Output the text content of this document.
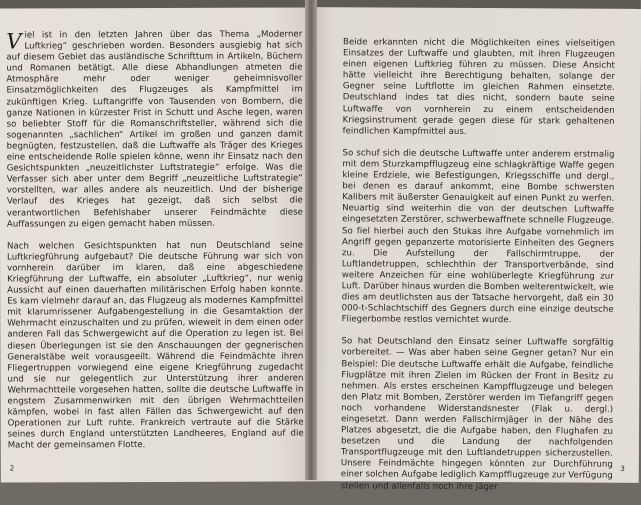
Viel ist in den letzten Jahren über das Thema „Moderner Luftkrieg“ geschrieben worden. Besonders ausgiebig hat sich auf diesem Gebiet das ausländische Schrifttum in Artikeln, Büchern und Romanen betätigt. Alle diese Abhandlungen atmeten die Atmosphäre mehr oder weniger geheimnisvoller Einsatzmöglichkeiten des Flugzeuges als Kampfmittel im zukünftigen Krieg. Luftangriffe von Tausenden von Bombern, die ganze Nationen in kürzester Frist in Schutt und Asche legen, waren so beliebter Stoff für die Romanschriftsteller, während sich die sogenannten „sachlichen“ Artikel im großen und ganzen damit begnügten, festzustellen, daß die Luftwaffe als Träger des Krieges eine entscheidende Rolle spielen könne, wenn ihr Einsatz nach den Gesichtspunkten „neuzeitlichster Luftstrategie“ erfolge. Was die Verfasser sich aber unter dem Begriff „neuzeitliche Luftstrategie“ vorstellten, war alles andere als neuzeitlich. Und der bisherige Verlauf des Krieges hat gezeigt, daß sich selbst die verantwortlichen Befehlshaber unserer Feindmächte diese Auffassungen zu eigen gemacht haben müssen.

Nach welchen Gesichtspunkten hat nun Deutschland seine Luftkriegführung aufgebaut? Die deutsche Führung war sich von vornherein darüber im klaren, daß eine abgeschiedene Kriegführung der Luftwaffe, ein absoluter „Luftkrieg“, nur wenig Aussicht auf einen dauerhaften militärischen Erfolg haben konnte. Es kam vielmehr darauf an, das Flugzeug als modernes Kampfmittel mit klarumrissener Aufgabengestellung in die Gesamtaktion der Wehrmacht einzuschalten und zu prüfen, wieweit in dem einen oder anderen Fall das Schwergewicht auf die Operation zu legen ist. Bei diesen Überlegungen ist sie den Anschauungen der gegnerischen Generalstäbe weit vorausgeeilt. Während die Feindmächte ihren Fliegertruppen vorwiegend eine eigene Kriegführung zugedacht und sie nur gelegentlich zur Unterstützung ihrer anderen Wehrmachtteile vorgesehen hatten, sollte die deutsche Luftwaffe in engstem Zusammenwirken mit den übrigen Wehrmachtteilen kämpfen, wobei in fast allen Fällen das Schwergewicht auf den Operationen zur Luft ruhte. Frankreich vertraute auf die Stärke seines durch England unterstützten Landheeres, England auf die Macht der gemeinsamen Flotte.

2

Beide erkannten nicht die Möglichkeiten eines vielseitigen Einsatzes der Luftwaffe und glaubten, mit ihren Flugzeugen einen eigenen Luftkrieg führen zu müssen. Diese Ansicht hätte vielleicht ihre Berechtigung behalten, solange der Gegner seine Luftflotte im gleichen Rahmen einsetzte. Deutschland indes tat dies nicht, sondern baute seine Luftwaffe von vornherein zu einem entscheidenden Kriegsinstrument gerade gegen diese für stark gehaltenen feindlichen Kampfmittel aus.

So schuf sich die deutsche Luftwaffe unter anderem erstmalig mit dem Sturzkampfflugzeug eine schlagkräftige Waffe gegen kleine Erdziele, wie Befestigungen, Kriegsschiffe und dergl., bei denen es darauf ankommt, eine Bombe schwersten Kalibers mit äußerster Genauigkeit auf einen Punkt zu werfen. Neuartig sind weiterhin die von der deutschen Luftwaffe eingesetzten Zerstörer, schwerbewaffnete schnelle Flugzeuge. So fiel hierbei auch den Stukas ihre Aufgabe vornehmlich im Angriff gegen gepanzerte motorisierte Einheiten des Gegners zu. Die Aufstellung der Fallschirmtruppe, der Luftlandetruppen, schlechthin der Transportverbände, sind weitere Anzeichen für eine wohlüberlegte Kriegführung zur Luft. Darüber hinaus wurden die Bomben weiterentwickelt, wie dies am deutlichsten aus der Tatsache hervorgeht, daß ein 30 000-t-Schlachtschiff des Gegners durch eine einzige deutsche Fliegerbombe restlos vernichtet wurde.

So hat Deutschland den Einsatz seiner Luftwaffe sorgfältig vorbereitet. — Was aber haben seine Gegner getan? Nur ein Beispiel: Die deutsche Luftwaffe erhält die Aufgabe, feindliche Flugplätze mit ihren Zielen im Rücken der Front in Besitz zu nehmen. Als erstes erscheinen Kampfflugzeuge und belegen den Platz mit Bomben, Zerstörer werden im Tiefangriff gegen noch vorhandene Widerstandsnester (Flak u. dergl.) eingesetzt. Dann werden Fallschirmjäger in der Nähe des Platzes abgesetzt, die die Aufgabe haben, den Flughafen zu besetzen und die Landung der nachfolgenden Transportflugzeuge mit den Luftlandetruppen sicherzustellen. Unsere Feindmächte hingegen könnten zur Durchführung einer solchen Aufgabe lediglich Kampfflugzeuge zur Verfügung stellen und allenfalls noch ihre Jäger

3
